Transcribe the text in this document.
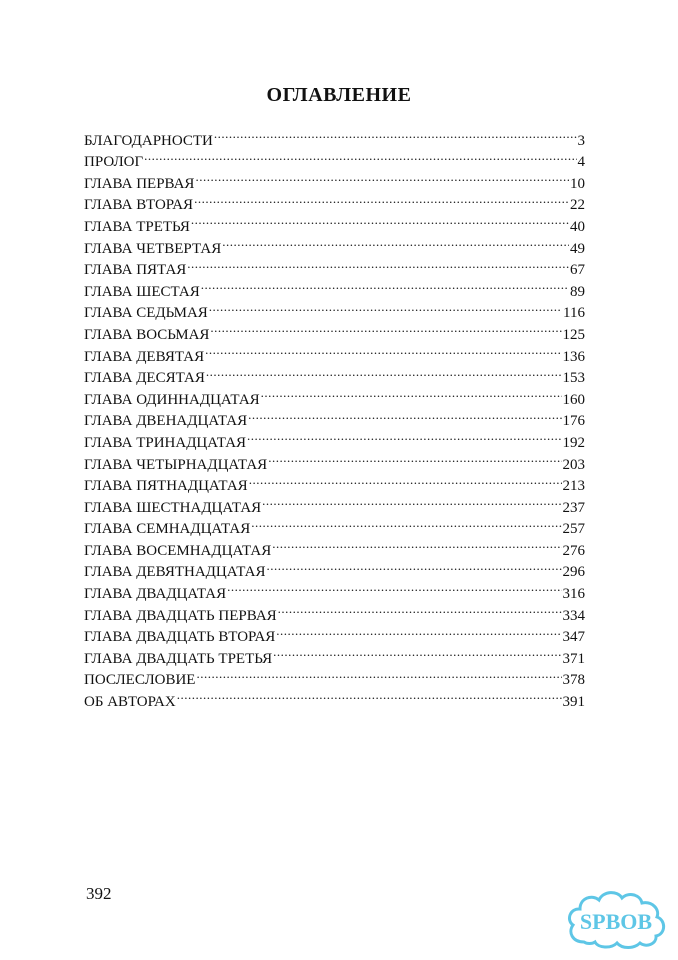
ОГЛАВЛЕНИЕ
БЛАГОДАРНОСТИ .....	3
ПРОЛОГ .....	4
ГЛАВА ПЕРВАЯ .....	10
ГЛАВА ВТОРАЯ .....	22
ГЛАВА ТРЕТЬЯ .....	40
ГЛАВА ЧЕТВЕРТАЯ .....	49
ГЛАВА ПЯТАЯ .....	67
ГЛАВА ШЕСТАЯ .....	89
ГЛАВА СЕДЬМАЯ .....	116
ГЛАВА ВОСЬМАЯ .....	125
ГЛАВА ДЕВЯТАЯ .....	136
ГЛАВА ДЕСЯТАЯ .....	153
ГЛАВА ОДИННАДЦАТАЯ .....	160
ГЛАВА ДВЕНАДЦАТАЯ .....	176
ГЛАВА ТРИНАДЦАТАЯ .....	192
ГЛАВА ЧЕТЫРНАДЦАТАЯ .....	203
ГЛАВА ПЯТНАДЦАТАЯ .....	213
ГЛАВА ШЕСТНАДЦАТАЯ .....	237
ГЛАВА СЕМНАДЦАТАЯ .....	257
ГЛАВА ВОСЕМНАДЦАТАЯ .....	276
ГЛАВА ДЕВЯТНАДЦАТАЯ .....	296
ГЛАВА ДВАДЦАТАЯ .....	316
ГЛАВА ДВАДЦАТЬ ПЕРВАЯ .....	334
ГЛАВА ДВАДЦАТЬ ВТОРАЯ .....	347
ГЛАВА ДВАДЦАТЬ ТРЕТЬЯ .....	371
ПОСЛЕСЛОВИЕ .....	378
ОБ АВТОРАХ .....	391
392
SPBOB
